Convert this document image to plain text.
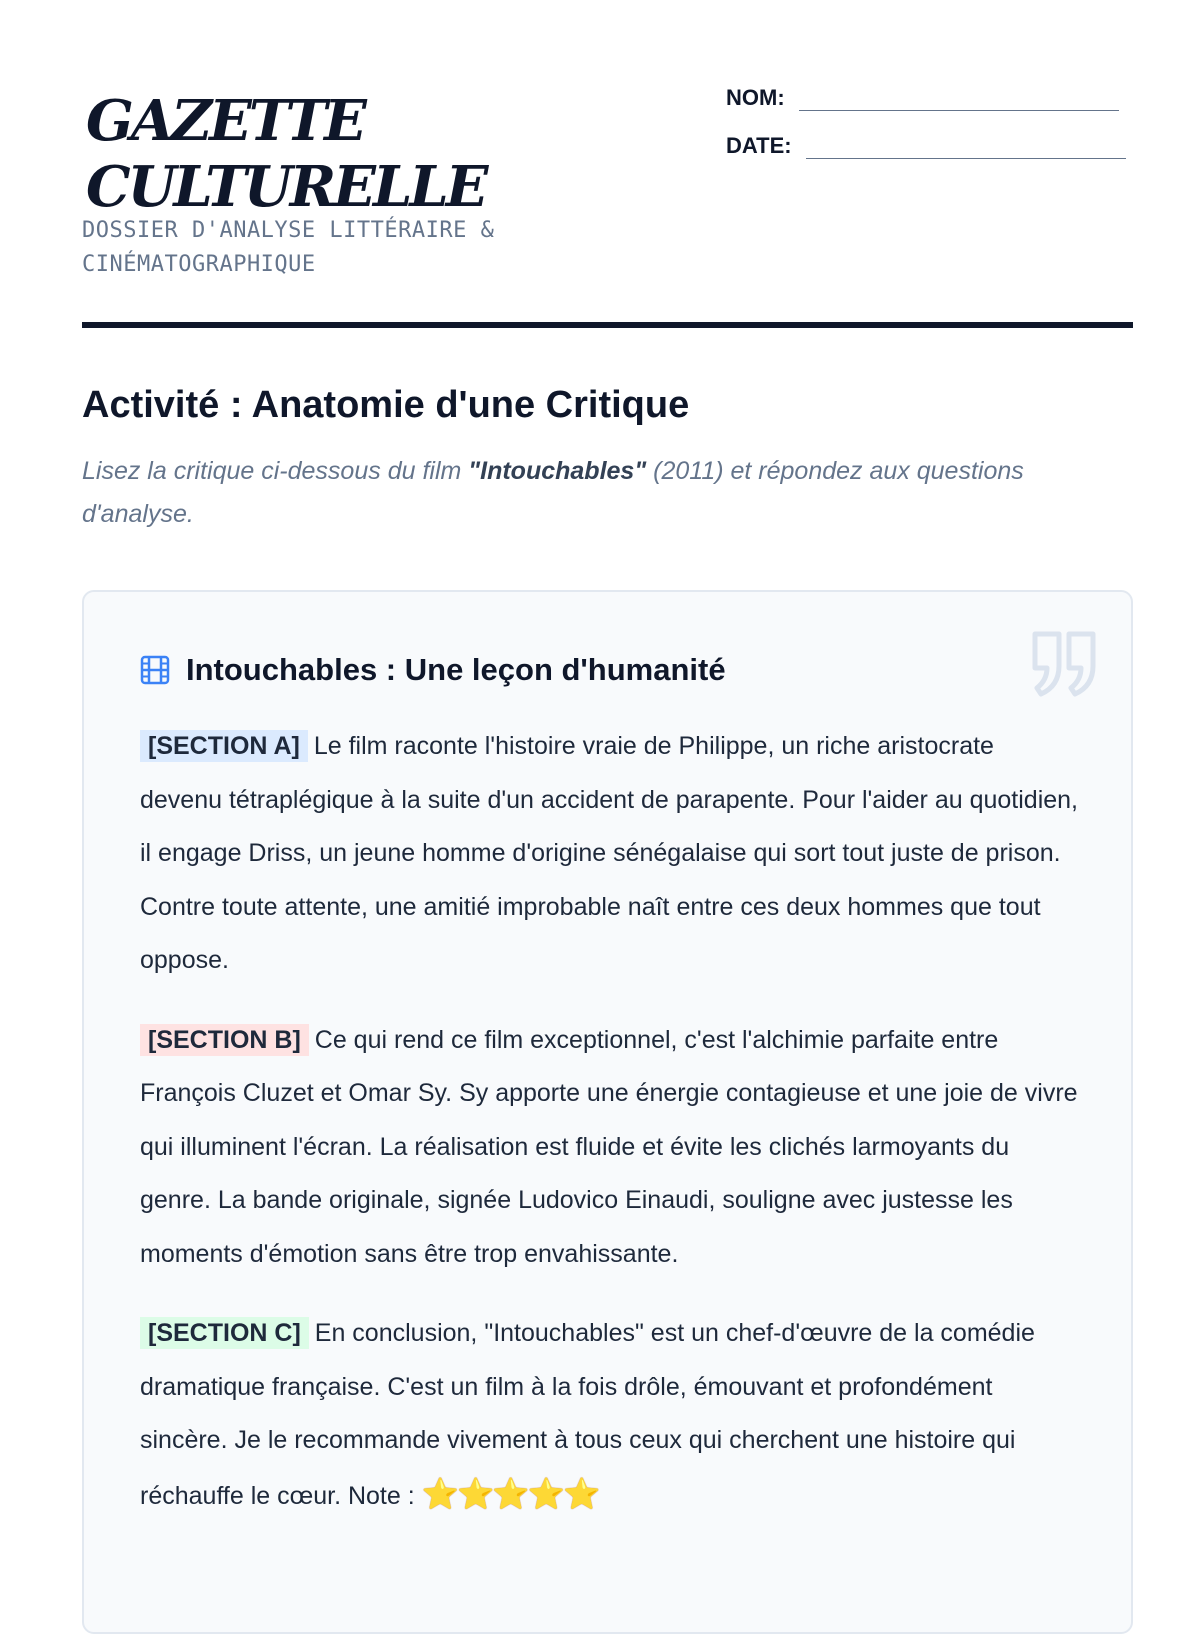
GAZETTE
CULTURELLE
DOSSIER D'ANALYSE LITTÉRAIRE &
CINÉMATOGRAPHIQUE
NOM:
DATE:
Activité : Anatomie d'une Critique

Lisez la critique ci-dessous du film "Intouchables" (2011) et répondez aux questions d'analyse.

Intouchables : Une leçon d'humanité

[SECTION A] Le film raconte l'histoire vraie de Philippe, un riche aristocrate devenu tétraplégique à la suite d'un accident de parapente. Pour l'aider au quotidien, il engage Driss, un jeune homme d'origine sénégalaise qui sort tout juste de prison. Contre toute attente, une amitié improbable naît entre ces deux hommes que tout oppose.

[SECTION B] Ce qui rend ce film exceptionnel, c'est l'alchimie parfaite entre François Cluzet et Omar Sy. Sy apporte une énergie contagieuse et une joie de vivre qui illuminent l'écran. La réalisation est fluide et évite les clichés larmoyants du genre. La bande originale, signée Ludovico Einaudi, souligne avec justesse les moments d'émotion sans être trop envahissante.

[SECTION C] En conclusion, "Intouchables" est un chef-d'œuvre de la comédie dramatique française. C'est un film à la fois drôle, émouvant et profondément sincère. Je le recommande vivement à tous ceux qui cherchent une histoire qui réchauffe le cœur. Note : ⭐⭐⭐⭐⭐
